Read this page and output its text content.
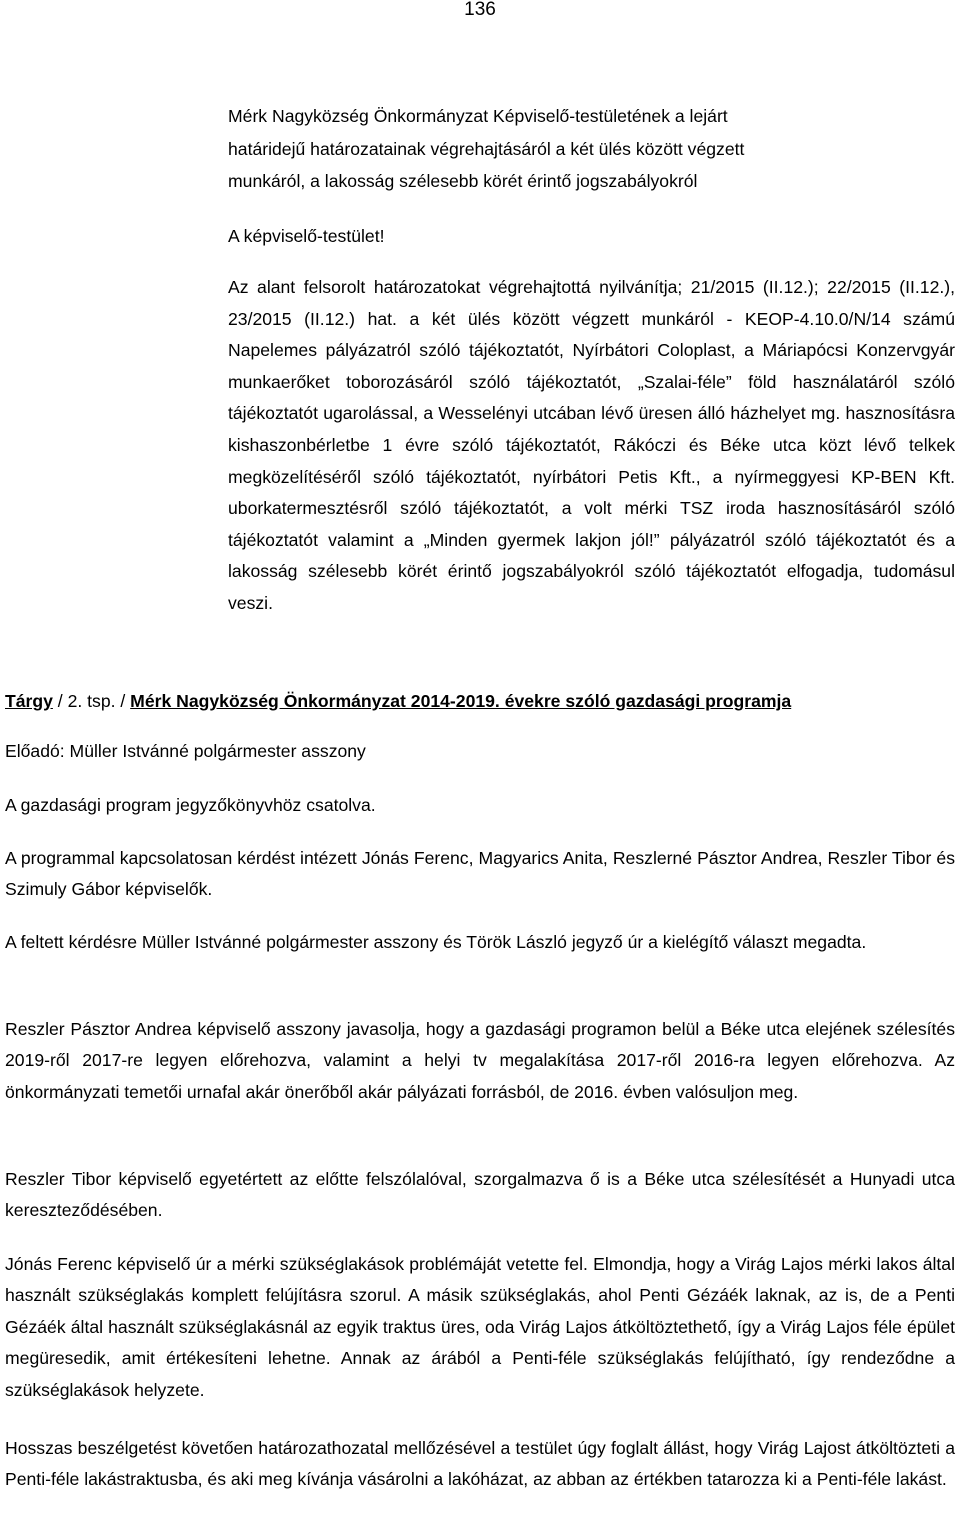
136
Mérk Nagyközség Önkormányzat Képviselő-testületének a lejárt
határidejű határozatainak végrehajtásáról a két ülés között végzett
munkáról, a lakosság szélesebb körét érintő jogszabályokról
A képviselő-testület!

Az alant felsorolt határozatokat végrehajtottá nyilvánítja; 21/2015 (II.12.); 22/2015 (II.12.), 23/2015 (II.12.) hat. a két ülés között végzett munkáról - KEOP-4.10.0/N/14 számú Napelemes pályázatról szóló tájékoztatót, Nyírbátori Coloplast, a Máriapócsi Konzervgyár munkaerőket toborozásáról szóló tájékoztatót, „Szalai-féle” föld használatáról szóló tájékoztatót ugarolással, a Wesselényi utcában lévő üresen álló házhelyet mg. hasznosításra kishaszonbérletbe 1 évre szóló tájékoztatót, Rákóczi és Béke utca közt lévő telkek megközelítéséről szóló tájékoztatót, nyírbátori Petis Kft., a nyírmeggyesi KP-BEN Kft. uborkatermesztésről szóló tájékoztatót, a volt mérki TSZ iroda hasznosításáról szóló tájékoztatót valamint a „Minden gyermek lakjon jól!” pályázatról szóló tájékoztatót és a lakosság szélesebb körét érintő jogszabályokról szóló tájékoztatót elfogadja, tudomásul veszi.

Tárgy / 2. tsp. / Mérk Nagyközség Önkormányzat 2014-2019. évekre szóló gazdasági programja

Előadó: Müller Istvánné polgármester asszony

A gazdasági program jegyzőkönyvhöz csatolva.

A programmal kapcsolatosan kérdést intézett Jónás Ferenc, Magyarics Anita, Reszlerné Pásztor Andrea, Reszler Tibor és Szimuly Gábor képviselők.

A feltett kérdésre Müller Istvánné polgármester asszony és Török László jegyző úr a kielégítő választ megadta.

Reszler Pásztor Andrea képviselő asszony javasolja, hogy a gazdasági programon belül a Béke utca elejének szélesítés 2019-ről 2017-re legyen előrehozva, valamint a helyi tv megalakítása 2017-ről 2016-ra legyen előrehozva. Az önkormányzati temetői urnafal akár önerőből akár pályázati forrásból, de 2016. évben valósuljon meg.

Reszler Tibor képviselő egyetértett az előtte felszólalóval, szorgalmazva ő is a Béke utca szélesítését a Hunyadi utca kereszteződésében.

Jónás Ferenc képviselő úr a mérki szükséglakások problémáját vetette fel. Elmondja, hogy a Virág Lajos mérki lakos által használt szükséglakás komplett felújításra szorul. A másik szükséglakás, ahol Penti Gézáék laknak, az is, de a Penti Gézáék által használt szükséglakásnál az egyik traktus üres, oda Virág Lajos átköltöztethető, így a Virág Lajos féle épület megüresedik, amit értékesíteni lehetne. Annak az árából a Penti-féle szükséglakás felújítható, így rendeződne a szükséglakások helyzete.

Hosszas beszélgetést követően határozathozatal mellőzésével a testület úgy foglalt állást, hogy Virág Lajost átköltözteti a Penti-féle lakástraktusba, és aki meg kívánja vásárolni a lakóházat, az abban az értékben tatarozza ki a Penti-féle lakást.
